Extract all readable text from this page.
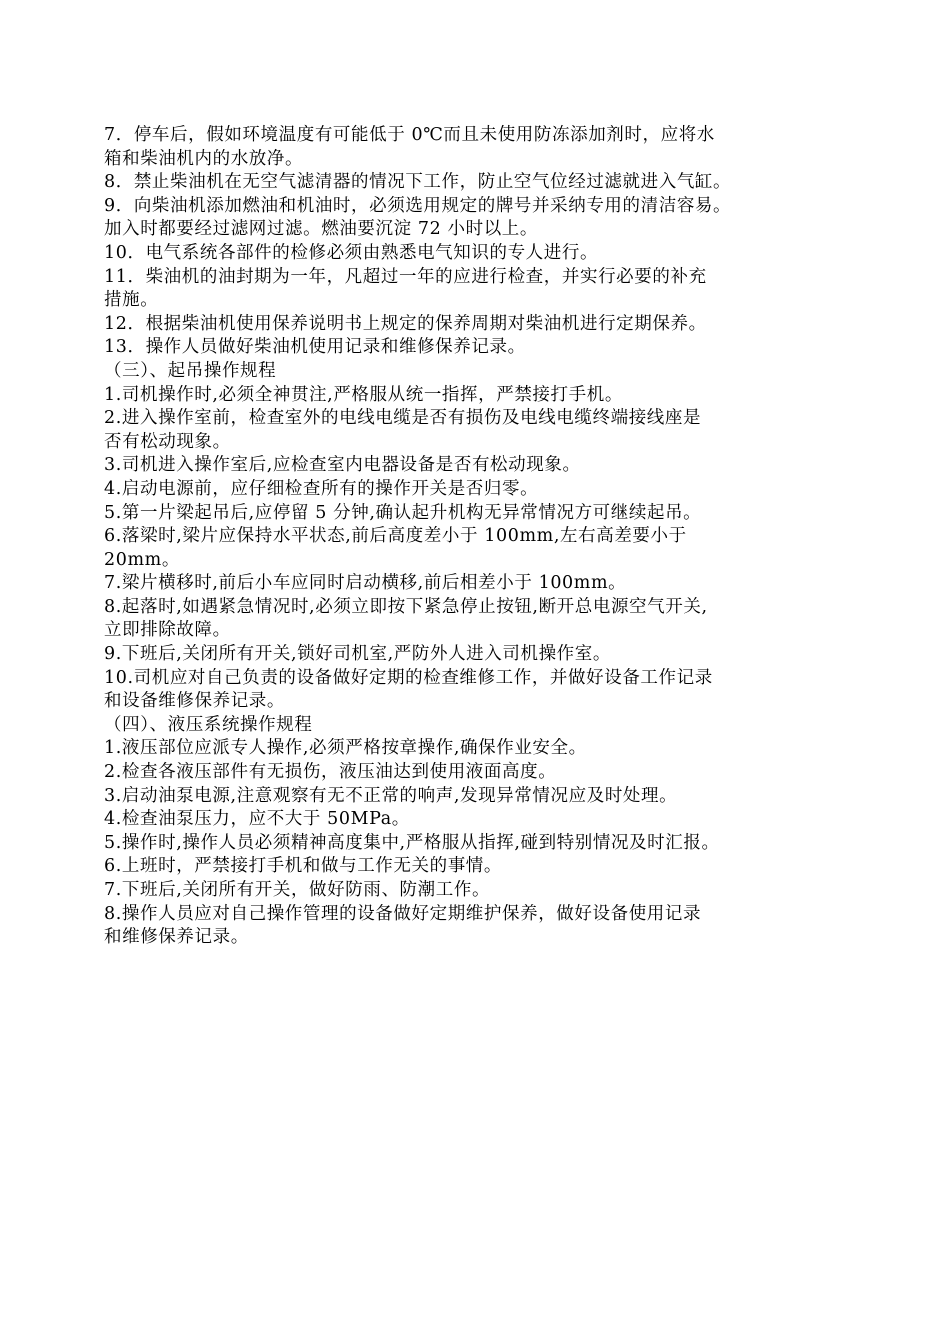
7．停车后，假如环境温度有可能低于 0℃而且未使用防冻添加剂时，应将水
箱和柴油机内的水放净。
8．禁止柴油机在无空气滤清器的情况下工作，防止空气位经过滤就进入气缸。
9．向柴油机添加燃油和机油时，必须选用规定的牌号并采纳专用的清洁容易。
加入时都要经过滤网过滤。燃油要沉淀 72 小时以上。
10．电气系统各部件的检修必须由熟悉电气知识的专人进行。
11．柴油机的油封期为一年，凡超过一年的应进行检查，并实行必要的补充
措施。
12．根据柴油机使用保养说明书上规定的保养周期对柴油机进行定期保养。
13．操作人员做好柴油机使用记录和维修保养记录。
（三）、起吊操作规程
1.司机操作时,必须全神贯注,严格服从统一指挥，严禁接打手机。
2.进入操作室前，检查室外的电线电缆是否有损伤及电线电缆终端接线座是
否有松动现象。
3.司机进入操作室后,应检查室内电器设备是否有松动现象。
4.启动电源前，应仔细检查所有的操作开关是否归零。
5.第一片梁起吊后,应停留 5 分钟,确认起升机构无异常情况方可继续起吊。
6.落梁时,梁片应保持水平状态,前后高度差小于 100mm,左右高差要小于
20mm。
7.梁片横移时,前后小车应同时启动横移,前后相差小于 100mm。
8.起落时,如遇紧急情况时,必须立即按下紧急停止按钮,断开总电源空气开关,
立即排除故障。
9.下班后,关闭所有开关,锁好司机室,严防外人进入司机操作室。
10.司机应对自己负责的设备做好定期的检查维修工作，并做好设备工作记录
和设备维修保养记录。
（四）、液压系统操作规程
1.液压部位应派专人操作,必须严格按章操作,确保作业安全。
2.检查各液压部件有无损伤，液压油达到使用液面高度。
3.启动油泵电源,注意观察有无不正常的响声,发现异常情况应及时处理。
4.检查油泵压力，应不大于 50MPa。
5.操作时,操作人员必须精神高度集中,严格服从指挥,碰到特别情况及时汇报。
6.上班时，严禁接打手机和做与工作无关的事情。
7.下班后,关闭所有开关，做好防雨、防潮工作。
8.操作人员应对自己操作管理的设备做好定期维护保养，做好设备使用记录
和维修保养记录。
